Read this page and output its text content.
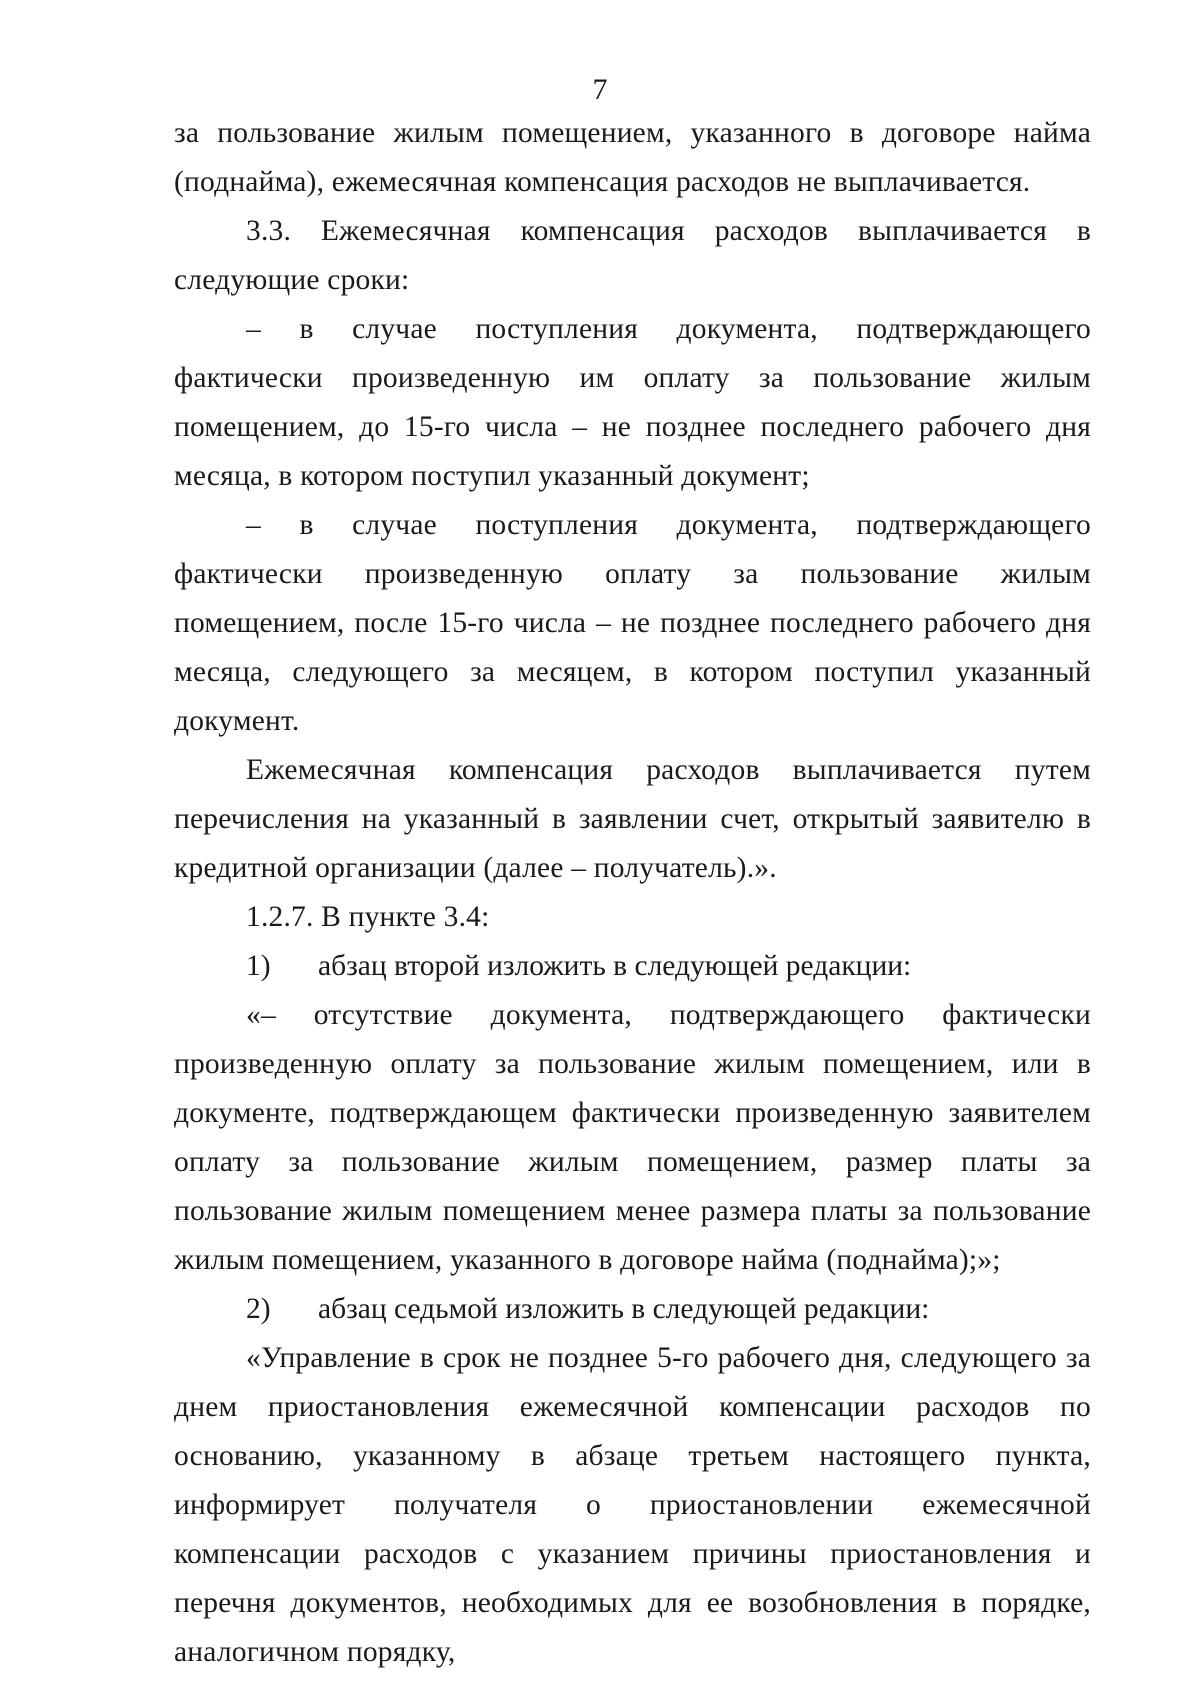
7

за пользование жилым помещением, указанного в договоре найма (поднайма), ежемесячная компенсация расходов не выплачивается.

3.3. Ежемесячная компенсация расходов выплачивается в следующие сроки:

– в случае поступления документа, подтверждающего фактически произведенную им оплату за пользование жилым помещением, до 15-го числа – не позднее последнего рабочего дня месяца, в котором поступил указанный документ;

– в случае поступления документа, подтверждающего фактически произведенную оплату за пользование жилым помещением, после 15-го числа – не позднее последнего рабочего дня месяца, следующего за месяцем, в котором поступил указанный документ.

Ежемесячная компенсация расходов выплачивается путем перечисления на указанный в заявлении счет, открытый заявителю в кредитной организации (далее – получатель).».

1.2.7. В пункте 3.4:

1)	абзац второй изложить в следующей редакции:

«– отсутствие документа, подтверждающего фактически произведенную оплату за пользование жилым помещением, или в документе, подтверждающем фактически произведенную заявителем оплату за пользование жилым помещением, размер платы за пользование жилым помещением менее размера платы за пользование жилым помещением, указанного в договоре найма (поднайма);»;

2)	абзац седьмой изложить в следующей редакции:

«Управление в срок не позднее 5-го рабочего дня, следующего за днем приостановления ежемесячной компенсации расходов по основанию, указанному в абзаце третьем настоящего пункта, информирует получателя о приостановлении ежемесячной компенсации расходов с указанием причины приостановления и перечня документов, необходимых для ее возобновления в порядке, аналогичном порядку,
